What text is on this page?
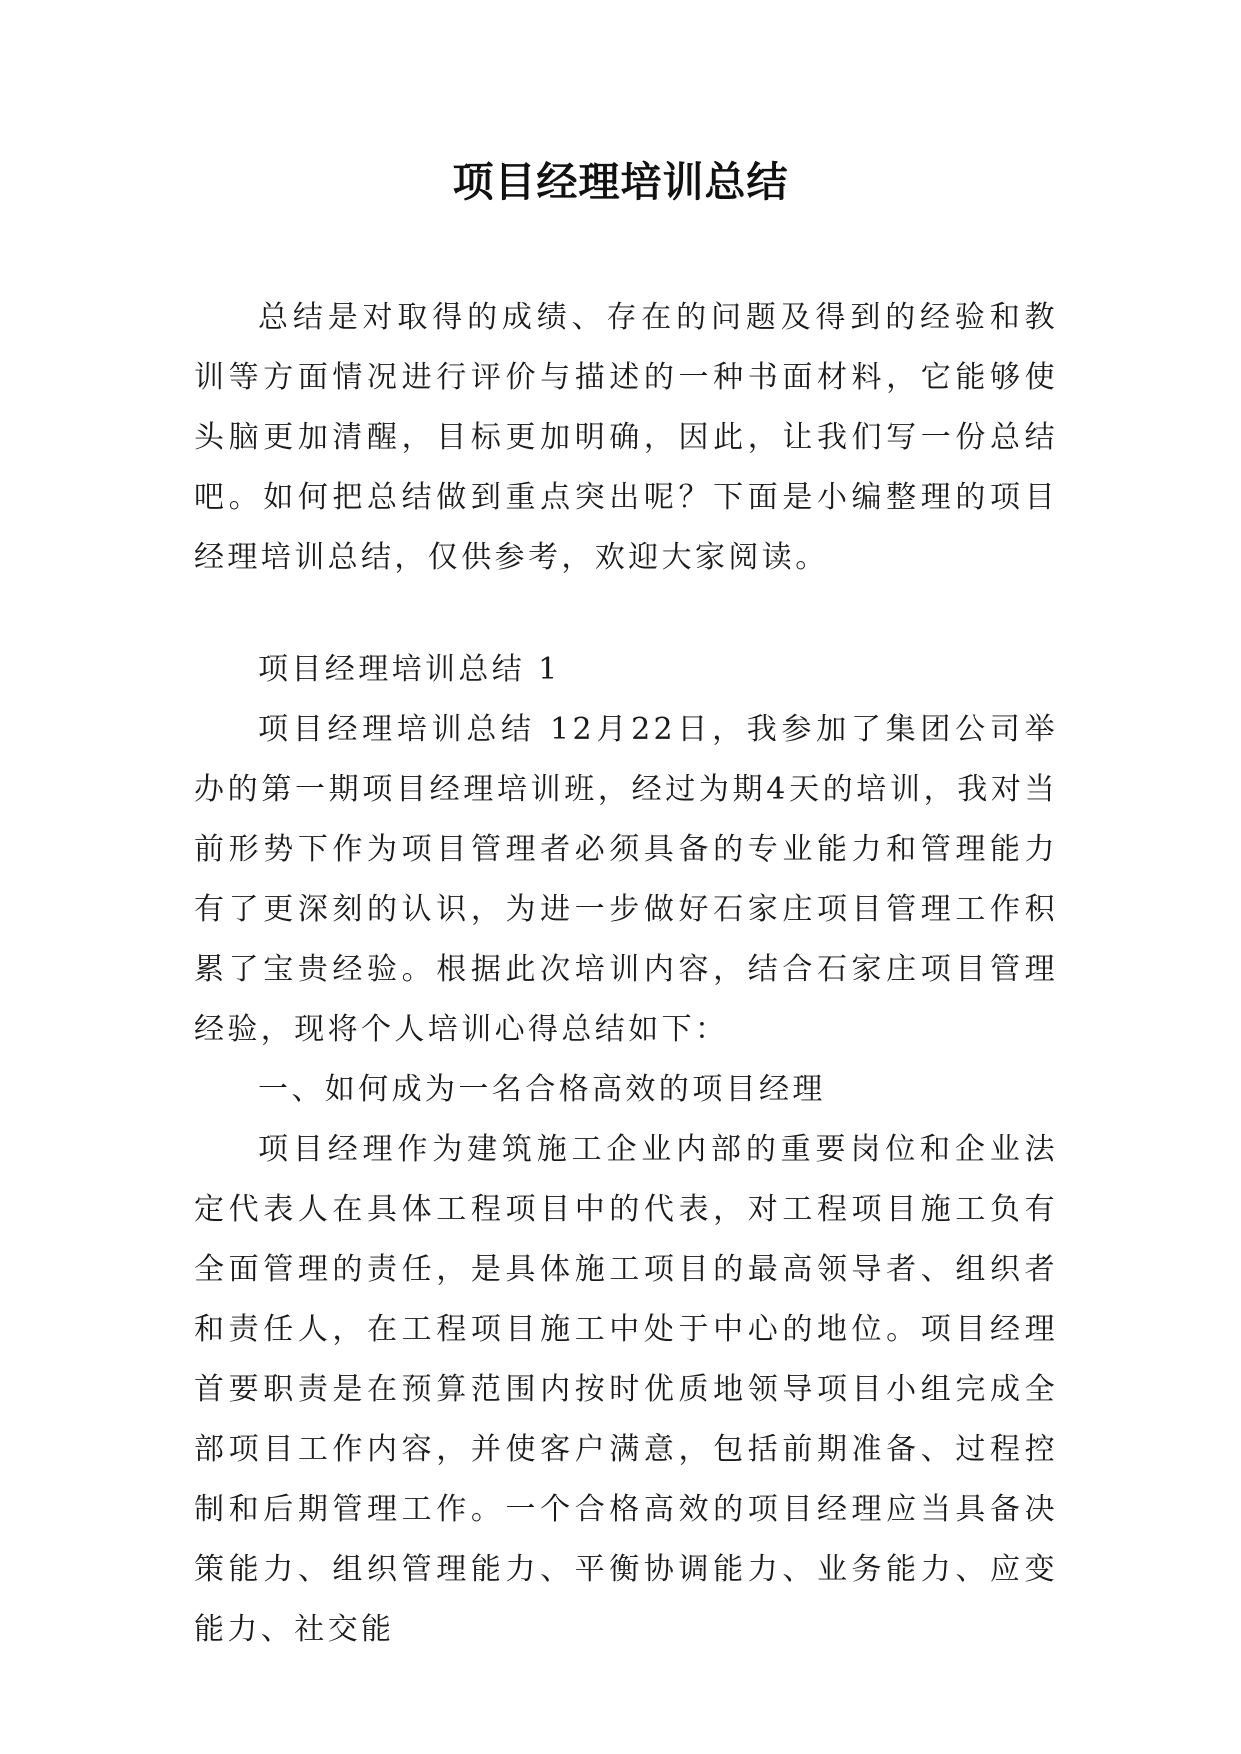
项目经理培训总结

总结是对取得的成绩、存在的问题及得到的经验和教训等方面情况进行评价与描述的一种书面材料，它能够使头脑更加清醒，目标更加明确，因此，让我们写一份总结吧。如何把总结做到重点突出呢？下面是小编整理的项目经理培训总结，仅供参考，欢迎大家阅读。

项目经理培训总结 1

项目经理培训总结 12月22日，我参加了集团公司举办的第一期项目经理培训班，经过为期4天的培训，我对当前形势下作为项目管理者必须具备的专业能力和管理能力有了更深刻的认识，为进一步做好石家庄项目管理工作积累了宝贵经验。根据此次培训内容，结合石家庄项目管理经验，现将个人培训心得总结如下：

一、如何成为一名合格高效的项目经理

项目经理作为建筑施工企业内部的重要岗位和企业法定代表人在具体工程项目中的代表，对工程项目施工负有全面管理的责任，是具体施工项目的最高领导者、组织者和责任人，在工程项目施工中处于中心的地位。项目经理首要职责是在预算范围内按时优质地领导项目小组完成全部项目工作内容，并使客户满意，包括前期准备、过程控制和后期管理工作。一个合格高效的项目经理应当具备决策能力、组织管理能力、平衡协调能力、业务能力、应变能力、社交能
